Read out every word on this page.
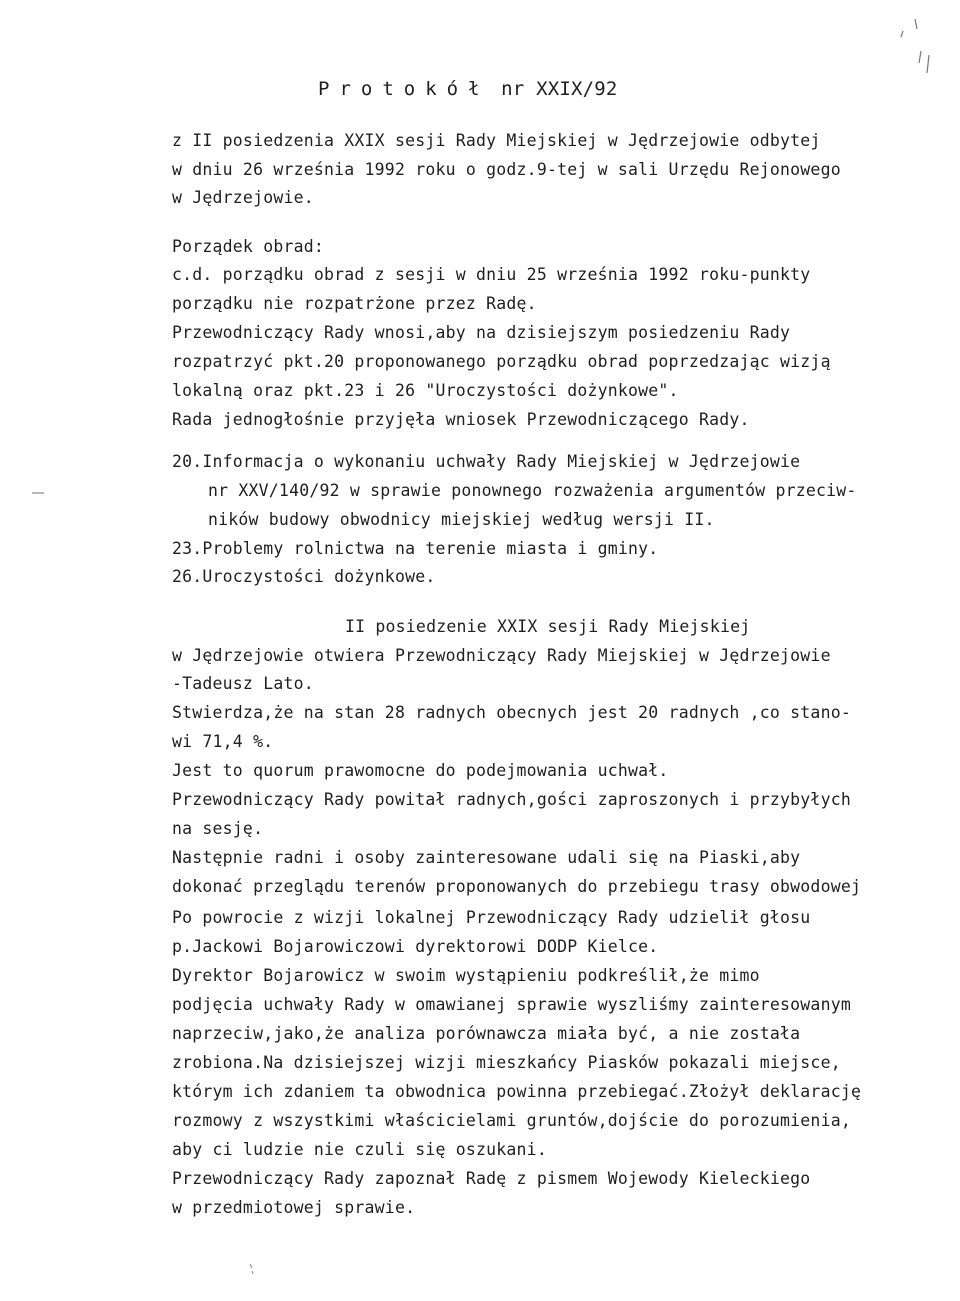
Protokół nr XXIX/92
z II posiedzenia XXIX sesji Rady Miejskiej w Jędrzejowie odbytej
w dniu 26 września 1992 roku o godz.9-tej w sali Urzędu Rejonowego
w Jędrzejowie.
Porządek obrad:
c.d. porządku obrad z sesji w dniu 25 września 1992 roku-punkty
porządku nie rozpatrżone przez Radę.
Przewodniczący Rady wnosi,aby na dzisiejszym posiedzeniu Rady
rozpatrzyć pkt.20 proponowanego porządku obrad poprzedzając wizją
lokalną oraz pkt.23 i 26 "Uroczystości dożynkowe".
Rada jednogłośnie przyjęła wniosek Przewodniczącego Rady.
20.Informacja o wykonaniu uchwały Rady Miejskiej w Jędrzejowie
nr XXV/140/92 w sprawie ponownego rozważenia argumentów przeciw-
ników budowy obwodnicy miejskiej według wersji II.
23.Problemy rolnictwa na terenie miasta i gminy.
26.Uroczystości dożynkowe.
II posiedzenie XXIX sesji Rady Miejskiej
w Jędrzejowie otwiera Przewodniczący Rady Miejskiej w Jędrzejowie
-Tadeusz Lato.
Stwierdza,że na stan 28 radnych obecnych jest 20 radnych ,co stano-
wi 71,4 %.
Jest to quorum prawomocne do podejmowania uchwał.
Przewodniczący Rady powitał radnych,gości zaproszonych i przybyłych
na sesję.
Następnie radni i osoby zainteresowane udali się na Piaski,aby
dokonać przeglądu terenów proponowanych do przebiegu trasy obwodowej
Po powrocie z wizji lokalnej Przewodniczący Rady udzielił głosu
p.Jackowi Bojarowiczowi dyrektorowi DODP Kielce.
Dyrektor Bojarowicz w swoim wystąpieniu podkreślił,że mimo
podjęcia uchwały Rady w omawianej sprawie wyszliśmy zainteresowanym
naprzeciw,jako,że analiza porównawcza miała być, a nie została
zrobiona.Na dzisiejszej wizji mieszkańcy Piasków pokazali miejsce,
którym ich zdaniem ta obwodnica powinna przebiegać.Złożył deklarację
rozmowy z wszystkimi właścicielami gruntów,dojście do porozumienia,
aby ci ludzie nie czuli się oszukani.
Przewodniczący Rady zapoznał Radę z pismem Wojewody Kieleckiego
w przedmiotowej sprawie.
